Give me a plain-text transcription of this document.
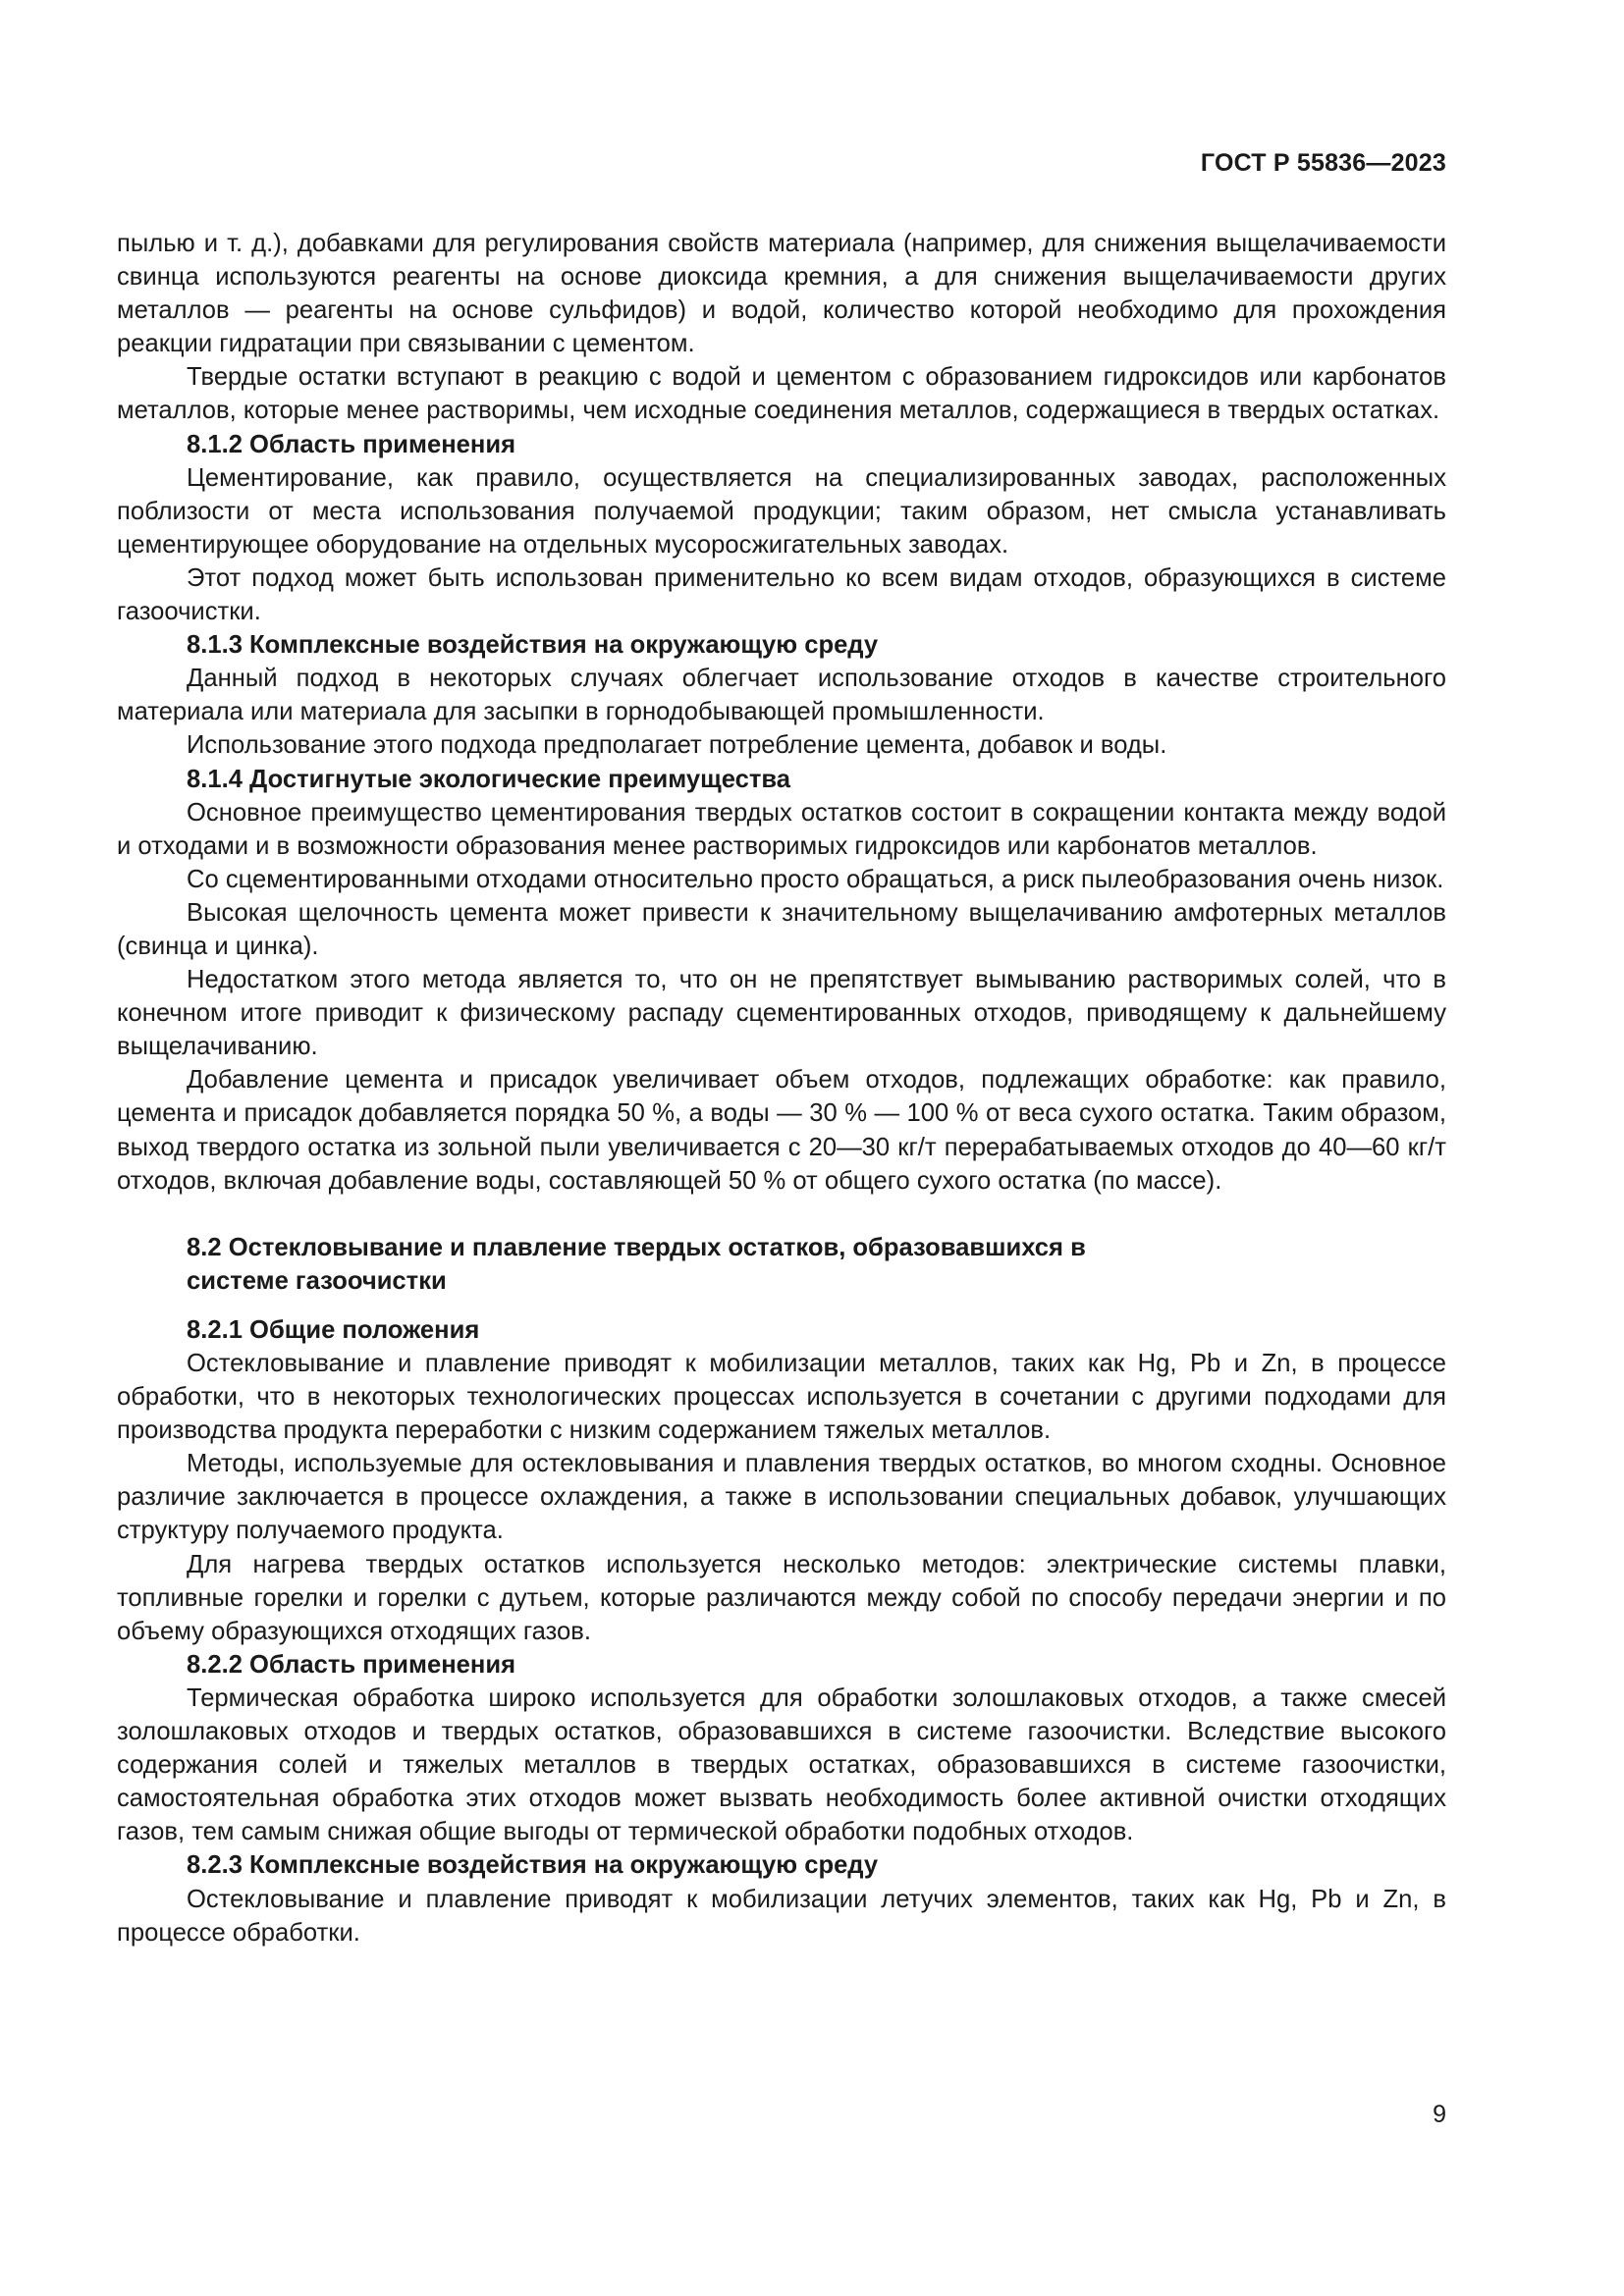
ГОСТ Р 55836—2023

пылью и т. д.), добавками для регулирования свойств материала (например, для снижения выщелачиваемости свинца используются реагенты на основе диоксида кремния, а для снижения выщелачиваемости других металлов — реагенты на основе сульфидов) и водой, количество которой необходимо для прохождения реакции гидратации при связывании с цементом.

Твердые остатки вступают в реакцию с водой и цементом с образованием гидроксидов или карбонатов металлов, которые менее растворимы, чем исходные соединения металлов, содержащиеся в твердых остатках.

8.1.2 Область применения

Цементирование, как правило, осуществляется на специализированных заводах, расположенных поблизости от места использования получаемой продукции; таким образом, нет смысла устанавливать цементирующее оборудование на отдельных мусоросжигательных заводах.

Этот подход может быть использован применительно ко всем видам отходов, образующихся в системе газоочистки.

8.1.3 Комплексные воздействия на окружающую среду

Данный подход в некоторых случаях облегчает использование отходов в качестве строительного материала или материала для засыпки в горнодобывающей промышленности.

Использование этого подхода предполагает потребление цемента, добавок и воды.

8.1.4 Достигнутые экологические преимущества

Основное преимущество цементирования твердых остатков состоит в сокращении контакта между водой и отходами и в возможности образования менее растворимых гидроксидов или карбонатов металлов.

Со сцементированными отходами относительно просто обращаться, а риск пылеобразования очень низок.

Высокая щелочность цемента может привести к значительному выщелачиванию амфотерных металлов (свинца и цинка).

Недостатком этого метода является то, что он не препятствует вымыванию растворимых солей, что в конечном итоге приводит к физическому распаду сцементированных отходов, приводящему к дальнейшему выщелачиванию.

Добавление цемента и присадок увеличивает объем отходов, подлежащих обработке: как правило, цемента и присадок добавляется порядка 50 %, а воды — 30 % — 100 % от веса сухого остатка. Таким образом, выход твердого остатка из зольной пыли увеличивается с 20—30 кг/т перерабатываемых отходов до 40—60 кг/т отходов, включая добавление воды, составляющей 50 % от общего сухого остатка (по массе).

8.2 Остекловывание и плавление твердых остатков, образовавшихся в системе газоочистки
8.2.1 Общие положения

Остекловывание и плавление приводят к мобилизации металлов, таких как Hg, Pb и Zn, в процессе обработки, что в некоторых технологических процессах используется в сочетании с другими подходами для производства продукта переработки с низким содержанием тяжелых металлов.

Методы, используемые для остекловывания и плавления твердых остатков, во многом сходны. Основное различие заключается в процессе охлаждения, а также в использовании специальных добавок, улучшающих структуру получаемого продукта.

Для нагрева твердых остатков используется несколько методов: электрические системы плавки, топливные горелки и горелки с дутьем, которые различаются между собой по способу передачи энергии и по объему образующихся отходящих газов.

8.2.2 Область применения

Термическая обработка широко используется для обработки золошлаковых отходов, а также смесей золошлаковых отходов и твердых остатков, образовавшихся в системе газоочистки. Вследствие высокого содержания солей и тяжелых металлов в твердых остатках, образовавшихся в системе газоочистки, самостоятельная обработка этих отходов может вызвать необходимость более активной очистки отходящих газов, тем самым снижая общие выгоды от термической обработки подобных отходов.

8.2.3 Комплексные воздействия на окружающую среду

Остекловывание и плавление приводят к мобилизации летучих элементов, таких как Hg, Pb и Zn, в процессе обработки.

9
